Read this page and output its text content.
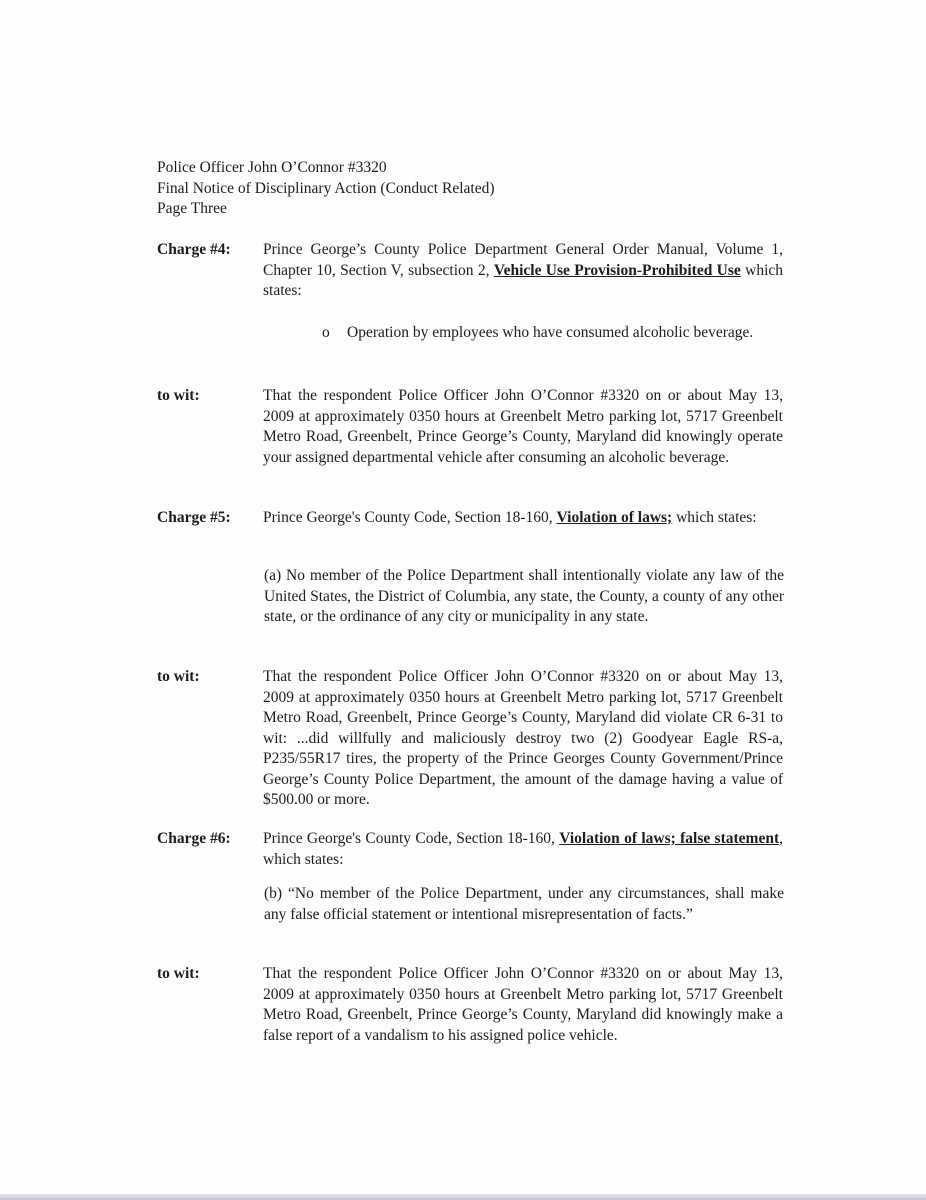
Police Officer John O’Connor #3320
Final Notice of Disciplinary Action (Conduct Related)
Page Three
Charge #4: Prince George’s County Police Department General Order Manual, Volume 1, Chapter 10, Section V, subsection 2, Vehicle Use Provision-Prohibited Use which states:

o Operation by employees who have consumed alcoholic beverage.
to wit:	That the respondent Police Officer John O’Connor #3320 on or about May 13, 2009 at approximately 0350 hours at Greenbelt Metro parking lot, 5717 Greenbelt Metro Road, Greenbelt, Prince George’s County, Maryland did knowingly operate your assigned departmental vehicle after consuming an alcoholic beverage.
Charge #5: Prince George's County Code, Section 18-160, Violation of laws; which states:

(a) No member of the Police Department shall intentionally violate any law of the United States, the District of Columbia, any state, the County, a county of any other state, or the ordinance of any city or municipality in any state.
to wit:	That the respondent Police Officer John O’Connor #3320 on or about May 13, 2009 at approximately 0350 hours at Greenbelt Metro parking lot, 5717 Greenbelt Metro Road, Greenbelt, Prince George’s County, Maryland did violate CR 6-31 to wit: ...did willfully and maliciously destroy two (2) Goodyear Eagle RS-a, P235/55R17 tires, the property of the Prince Georges County Government/Prince George’s County Police Department, the amount of the damage having a value of $500.00 or more.
Charge #6: Prince George's County Code, Section 18-160, Violation of laws; false statement, which states:

(b) “No member of the Police Department, under any circumstances, shall make any false official statement or intentional misrepresentation of facts.”
to wit:	That the respondent Police Officer John O’Connor #3320 on or about May 13, 2009 at approximately 0350 hours at Greenbelt Metro parking lot, 5717 Greenbelt Metro Road, Greenbelt, Prince George’s County, Maryland did knowingly make a false report of a vandalism to his assigned police vehicle.
